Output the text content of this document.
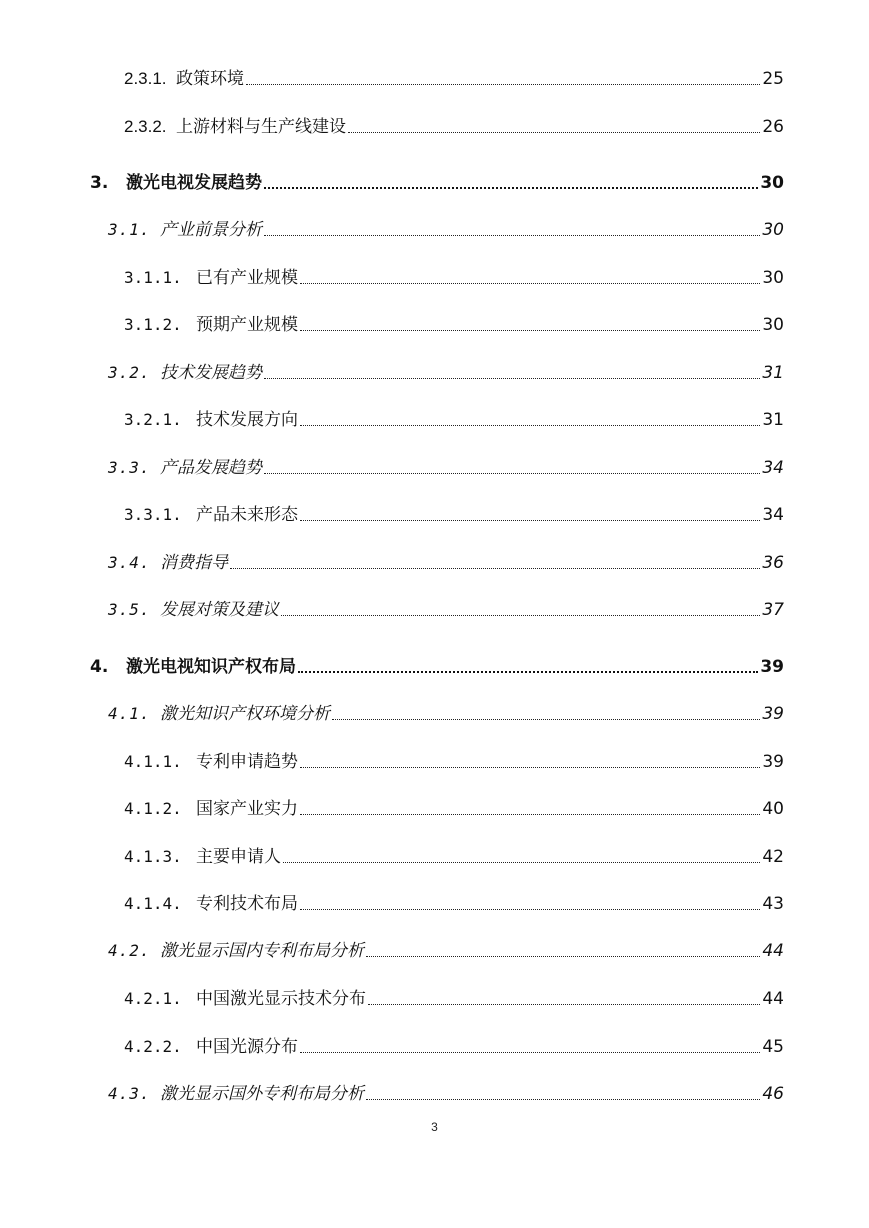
2.3.1. 政策环境	25
2.3.2. 上游材料与生产线建设	26
3.	激光电视发展趋势	30
3.1. 产业前景分析	30
3.1.1. 已有产业规模	30
3.1.2. 预期产业规模	30
3.2. 技术发展趋势	31
3.2.1. 技术发展方向	31
3.3. 产品发展趋势	34
3.3.1. 产品未来形态	34
3.4. 消费指导	36
3.5. 发展对策及建议	37
4.	激光电视知识产权布局	39
4.1. 激光知识产权环境分析	39
4.1.1. 专利申请趋势	39
4.1.2. 国家产业实力	40
4.1.3. 主要申请人	42
4.1.4. 专利技术布局	43
4.2. 激光显示国内专利布局分析	44
4.2.1. 中国激光显示技术分布	44
4.2.2. 中国光源分布	45
4.3. 激光显示国外专利布局分析	46
3
